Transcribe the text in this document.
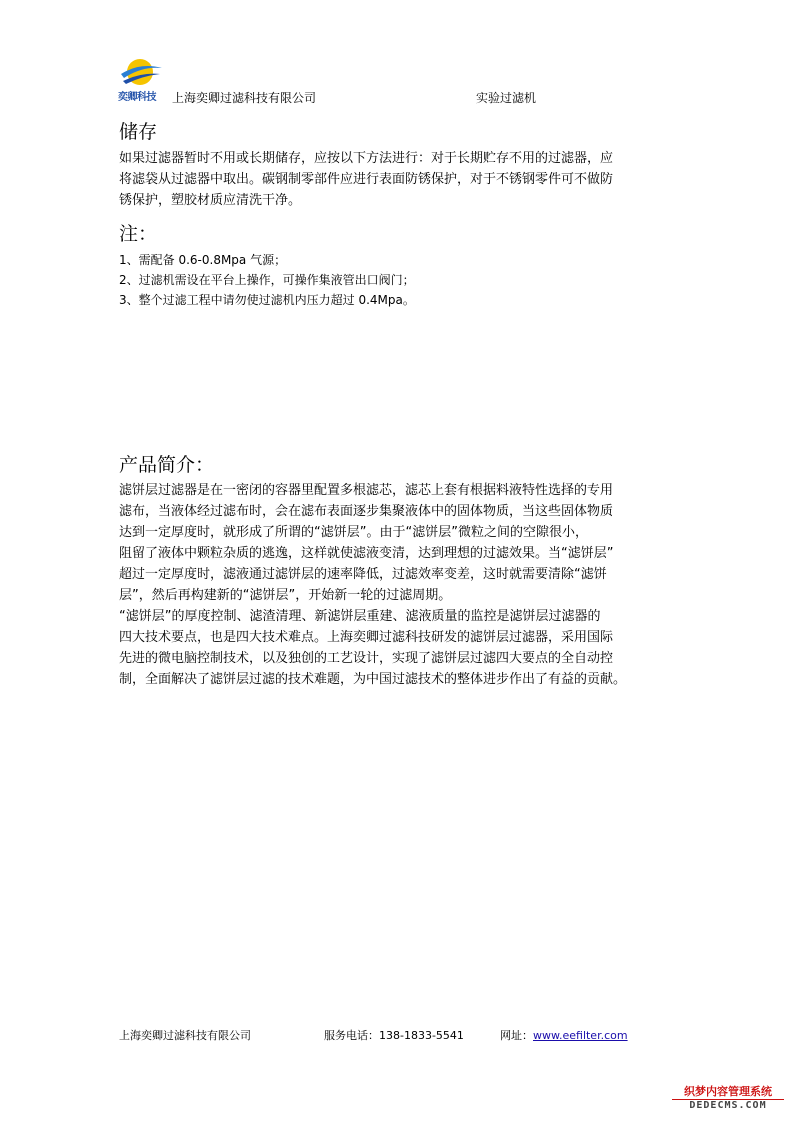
奕卿科技 上海奕卿过滤科技有限公司	实验过滤机
储存
如果过滤器暂时不用或长期储存，应按以下方法进行：对于长期贮存不用的过滤器，应
将滤袋从过滤器中取出。碳钢制零部件应进行表面防锈保护，对于不锈钢零件可不做防
锈保护，塑胶材质应清洗干净。
注：
1、需配备 0.6-0.8Mpa 气源；
2、过滤机需设在平台上操作，可操作集液管出口阀门；
3、整个过滤工程中请勿使过滤机内压力超过 0.4Mpa。
产品简介：
滤饼层过滤器是在一密闭的容器里配置多根滤芯，滤芯上套有根据料液特性选择的专用
滤布，当液体经过滤布时，会在滤布表面逐步集聚液体中的固体物质，当这些固体物质
达到一定厚度时，就形成了所谓的“滤饼层”。由于“滤饼层”微粒之间的空隙很小，
阻留了液体中颗粒杂质的逃逸，这样就使滤液变清，达到理想的过滤效果。当“滤饼层”
超过一定厚度时，滤液通过滤饼层的速率降低，过滤效率变差，这时就需要清除“滤饼
层”，然后再构建新的“滤饼层”，开始新一轮的过滤周期。
“滤饼层”的厚度控制、滤渣清理、新滤饼层重建、滤液质量的监控是滤饼层过滤器的
四大技术要点，也是四大技术难点。上海奕卿过滤科技研发的滤饼层过滤器，采用国际
先进的微电脑控制技术，以及独创的工艺设计，实现了滤饼层过滤四大要点的全自动控
制，全面解决了滤饼层过滤的技术难题，为中国过滤技术的整体进步作出了有益的贡献。
上海奕卿过滤科技有限公司	服务电话：138-1833-5541	网址：www.eefilter.com
织梦内容管理系统
DEDECMS.COM
